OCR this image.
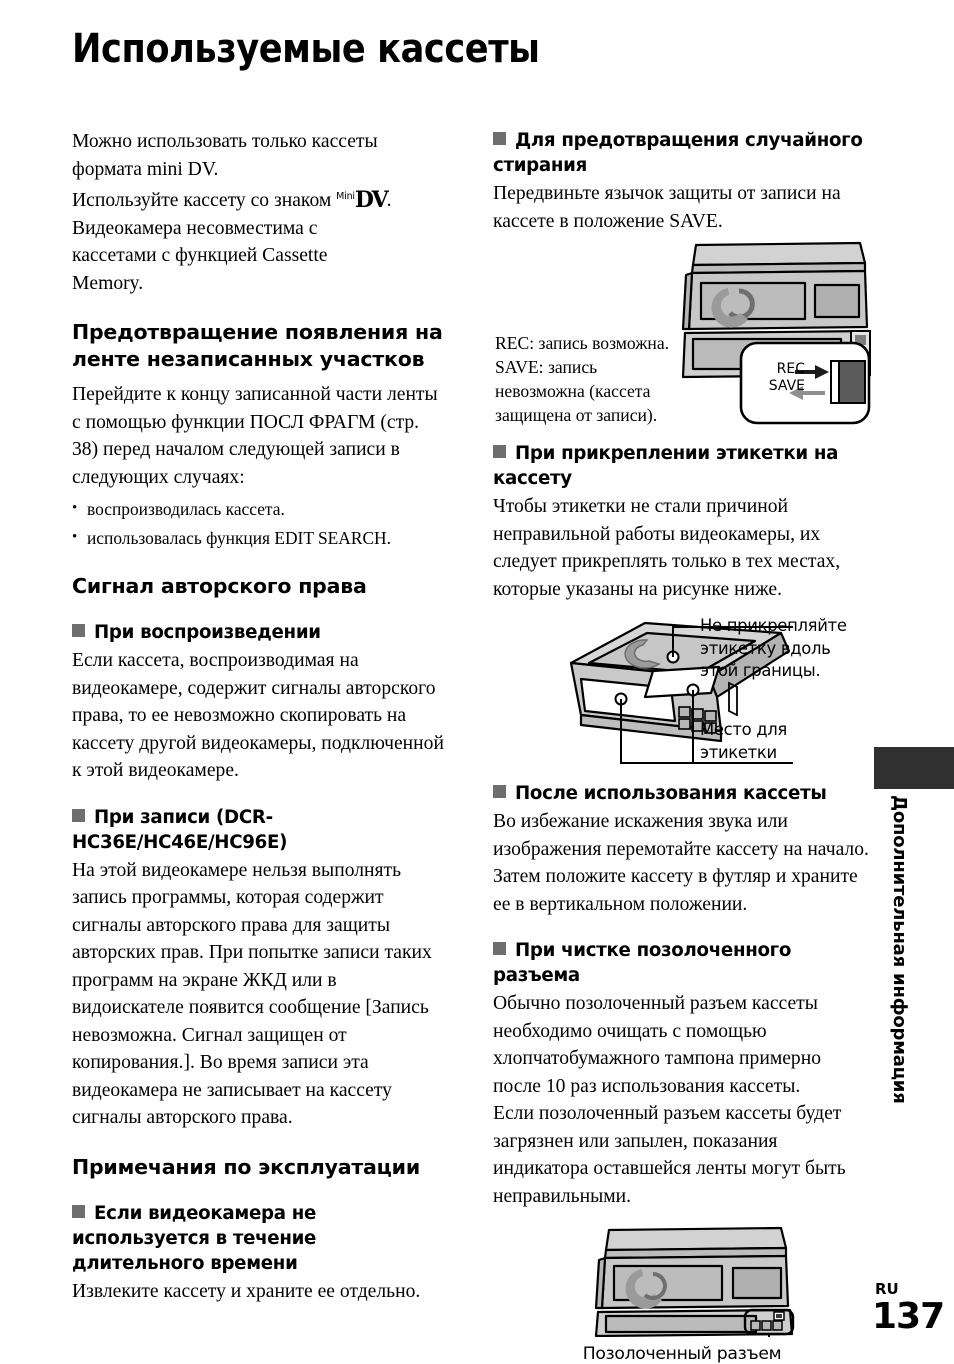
Используемые кассеты

Можно использовать только кассеты
формата mini DV.
Используйте кассету со знаком $^{Mini}$DV.
Видеокамера несовместима с
кассетами с функцией Cassette
Memory.

Предотвращение появления на ленте незаписанных участков

Перейдите к концу записанной части ленты с помощью функции ПОСЛ ФРАГМ (стр. 38) перед началом следующей записи в следующих случаях:

• воспроизводилась кассета.
• использовалась функция EDIT SEARCH.
Сигнал авторского права
При воспроизведении

Если кассета, воспроизводимая на видеокамере, содержит сигналы авторского права, то ее невозможно скопировать на кассету другой видеокамеры, подключенной к этой видеокамере.

При записи (DCR-HC36E/HC46E/HC96E)

На этой видеокамере нельзя выполнять запись программы, которая содержит сигналы авторского права для защиты авторских прав. При попытке записи таких программ на экране ЖКД или в видоискателе появится сообщение [Запись невозможна. Сигнал защищен от копирования.]. Во время записи эта видеокамера не записывает на кассету сигналы авторского права.

Примечания по эксплуатации
Если видеокамера не используется в течение длительного времени

Извлеките кассету и храните ее отдельно.

Для предотвращения случайного стирания

Передвиньте язычок защиты от записи на кассете в положение SAVE.

REC: запись возможна.
SAVE: запись
невозможна (кассета
защищена от записи).
REC
SAVE
При прикреплении этикетки на кассету

Чтобы этикетки не стали причиной неправильной работы видеокамеры, их следует прикреплять только в тех местах, которые указаны на рисунке ниже.

Не прикрепляйте
этикетку вдоль
этой границы.
Место для
этикетки
После использования кассеты

Во избежание искажения звука или изображения перемотайте кассету на начало. Затем положите кассету в футляр и храните ее в вертикальном положении.

При чистке позолоченного разъема

Обычно позолоченный разъем кассеты необходимо очищать с помощью хлопчатобумажного тампона примерно после 10 раз использования кассеты.

Если позолоченный разъем кассеты будет загрязнен или запылен, показания индикатора оставшейся ленты могут быть неправильными.

Позолоченный разъем
Дополнительная информация
RU
137
